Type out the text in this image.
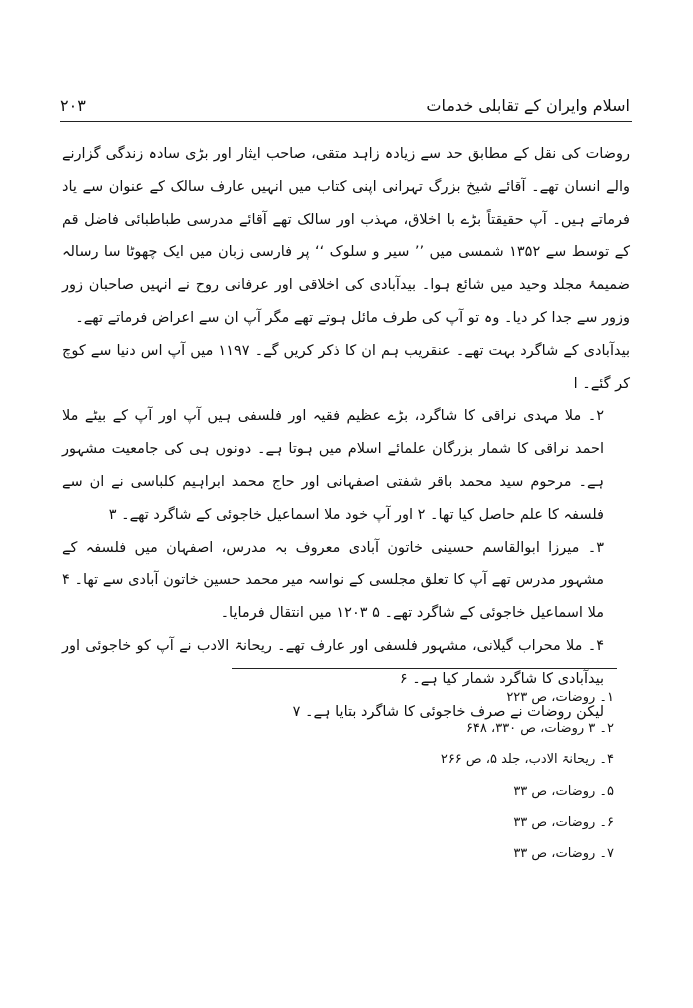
اسلام وایران کے تقابلی خدمات
۲۰۳

روضات کی نقل کے مطابق حد سے زیادہ زاہد متقی، صاحب ایثار اور بڑی سادہ زندگی گزارنے والے انسان تھے۔ آقائے شیخ بزرگ تہرانی اپنی کتاب میں انہیں عارف سالک کے عنوان سے یاد فرماتے ہیں۔ آپ حقیقتاً بڑے با اخلاق، مہذب اور سالک تھے آقائے مدرسی طباطبائی فاضل قم کے توسط سے ۱۳۵۲ شمسی میں ’’ سیر و سلوک ‘‘ پر فارسی زبان میں ایک چھوٹا سا رسالہ ضمیمۂ مجلد وحید میں شائع ہوا۔ بیدآبادی کی اخلاقی اور عرفانی روح نے انہیں صاحبان زور وزور سے جدا کر دیا۔ وہ تو آپ کی طرف مائل ہوتے تھے مگر آپ ان سے اعراض فرماتے تھے۔

بیدآبادی کے شاگرد بہت تھے۔ عنقریب ہم ان کا ذکر کریں گے۔ ۱۱۹۷ میں آپ اس دنیا سے کوچ کر گئے۔ ا

۲۔ ملا مہدی نراقی کا شاگرد، بڑے عظیم فقیہ اور فلسفی ہیں آپ اور آپ کے بیٹے ملا احمد نراقی کا شمار بزرگان علمائے اسلام میں ہوتا ہے۔ دونوں ہی کی جامعیت مشہور ہے۔ مرحوم سید محمد باقر شفتی اصفہانی اور حاج محمد ابراہیم کلباسی نے ان سے فلسفہ کا علم حاصل کیا تھا۔ ۲ اور آپ خود ملا اسماعیل خاجوئی کے شاگرد تھے۔ ۳

۳۔ میرزا ابوالقاسم حسینی خاتون آبادی معروف بہ مدرس، اصفہان میں فلسفہ کے مشہور مدرس تھے آپ کا تعلق مجلسی کے نواسہ میر محمد حسین خاتون آبادی سے تھا۔ ۴ ملا اسماعیل خاجوئی کے شاگرد تھے۔ ۵ ۱۲۰۳ میں انتقال فرمایا۔

۴۔ ملا محراب گیلانی، مشہور فلسفی اور عارف تھے۔ ریحانۃ الادب نے آپ کو خاجوئی اور بیدآبادی کا شاگرد شمار کیا ہے۔ ۶

لیکن روضات نے صرف خاجوئی کا شاگرد بتایا ہے۔ ۷

۱۔ روضات، ص ۲۲۳
۲۔ ۳ روضات، ص ۳۳۰، ۶۴۸
۴۔ ریحانۃ الادب، جلد ۵، ص ۲۶۶
۵۔ روضات، ص ۳۳
۶۔ روضات، ص ۳۳
۷۔ روضات، ص ۳۳
